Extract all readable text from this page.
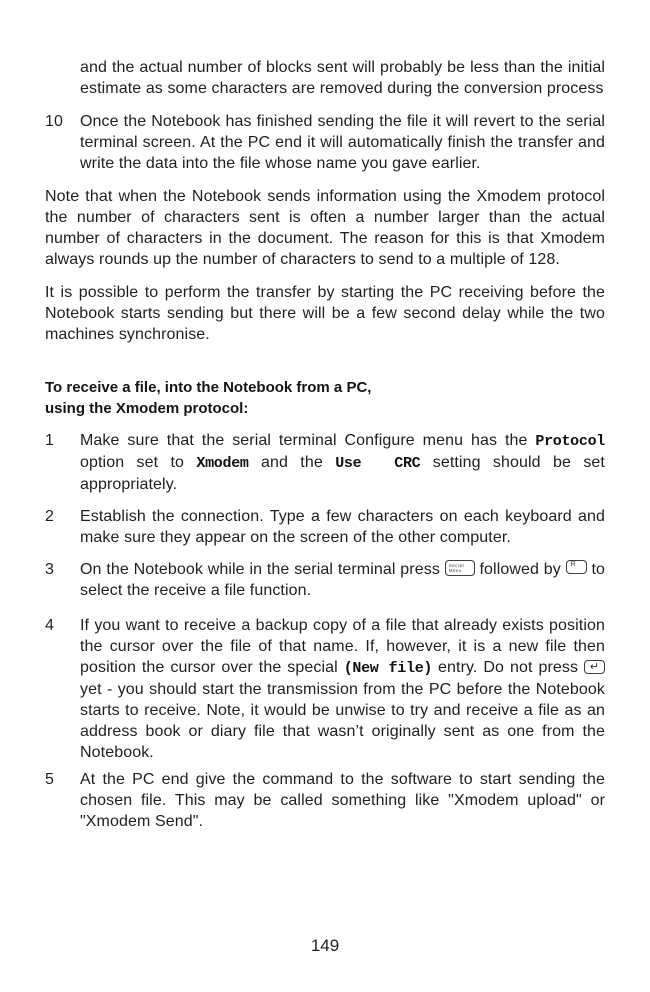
and the actual number of blocks sent will probably be less than the initial estimate as some characters are removed during the conversion process

10	Once the Notebook has finished sending the file it will revert to the serial terminal screen. At the PC end it will automatically finish the transfer and write the data into the file whose name you gave earlier.

Note that when the Notebook sends information using the Xmodem protocol the number of characters sent is often a number larger than the actual number of characters in the document. The reason for this is that Xmodem always rounds up the number of characters to send to a multiple of 128.

It is possible to perform the transfer by starting the PC receiving before the Notebook starts sending but there will be a few second delay while the two machines synchronise.

To receive a file, into the Notebook from a PC,
using the Xmodem protocol:
1	Make sure that the serial terminal Configure menu has the Protocol option set to Xmodem and the Use  CRC setting should be set appropriately.
2	Establish the connection. Type a few characters on each keyboard and make sure they appear on the screen of the other computer.
3	On the Notebook while in the serial terminal press Secret
Menu followed by R to select the receive a file function.
4	If you want to receive a backup copy of a file that already exists position the cursor over the file of that name. If, however, it is a new file then position the cursor over the special (New file) entry. Do not press ↵ yet - you should start the transmission from the PC before the Notebook starts to receive. Note, it would be unwise to try and receive a file as an address book or diary file that wasn’t originally sent as one from the Notebook.
5	At the PC end give the command to the software to start sending the chosen file. This may be called something like "Xmodem upload" or "Xmodem Send".
149
